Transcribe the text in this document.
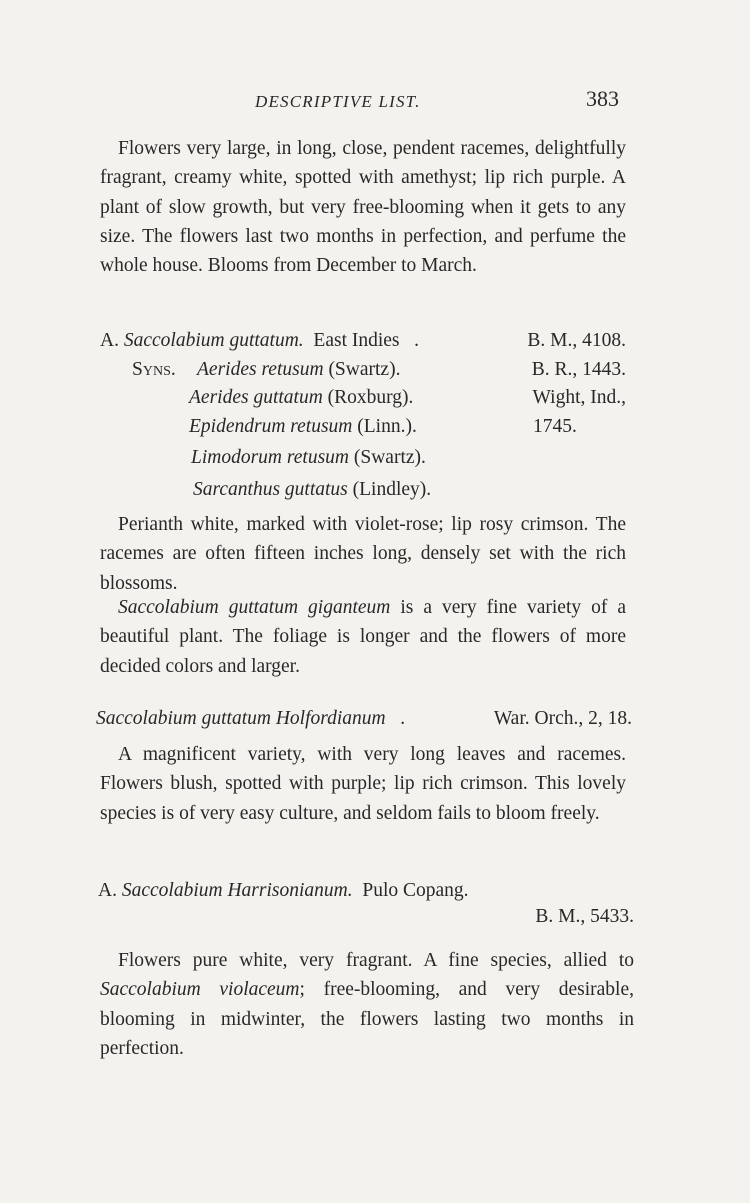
DESCRIPTIVE LIST.	383

Flowers very large, in long, close, pendent racemes, delightfully fragrant, creamy white, spotted with amethyst; lip rich purple. A plant of slow growth, but very free-blooming when it gets to any size. The flowers last two months in perfection, and perfume the whole house. Blooms from December to March.

A. Saccolabium guttatum. East Indies .	B. M., 4108.
Syns. Aerides retusum (Swartz).	B. R., 1443.
Aerides guttatum (Roxburg).	Wight, Ind.,
Epidendrum retusum (Linn.).	1745.
Limodorum retusum (Swartz).
Sarcanthus guttatus (Lindley).

Perianth white, marked with violet-rose; lip rosy crimson. The racemes are often fifteen inches long, densely set with the rich blossoms.

Saccolabium guttatum giganteum is a very fine variety of a beautiful plant. The foliage is longer and the flowers of more decided colors and larger.

Saccolabium guttatum Holfordianum .	War. Orch., 2, 18.

A magnificent variety, with very long leaves and racemes. Flowers blush, spotted with purple; lip rich crimson. This lovely species is of very easy culture, and seldom fails to bloom freely.

A. Saccolabium Harrisonianum. Pulo Copang.
B. M., 5433.

Flowers pure white, very fragrant. A fine species, allied to Saccolabium violaceum; free-blooming, and very desirable, blooming in midwinter, the flowers lasting two months in perfection.
